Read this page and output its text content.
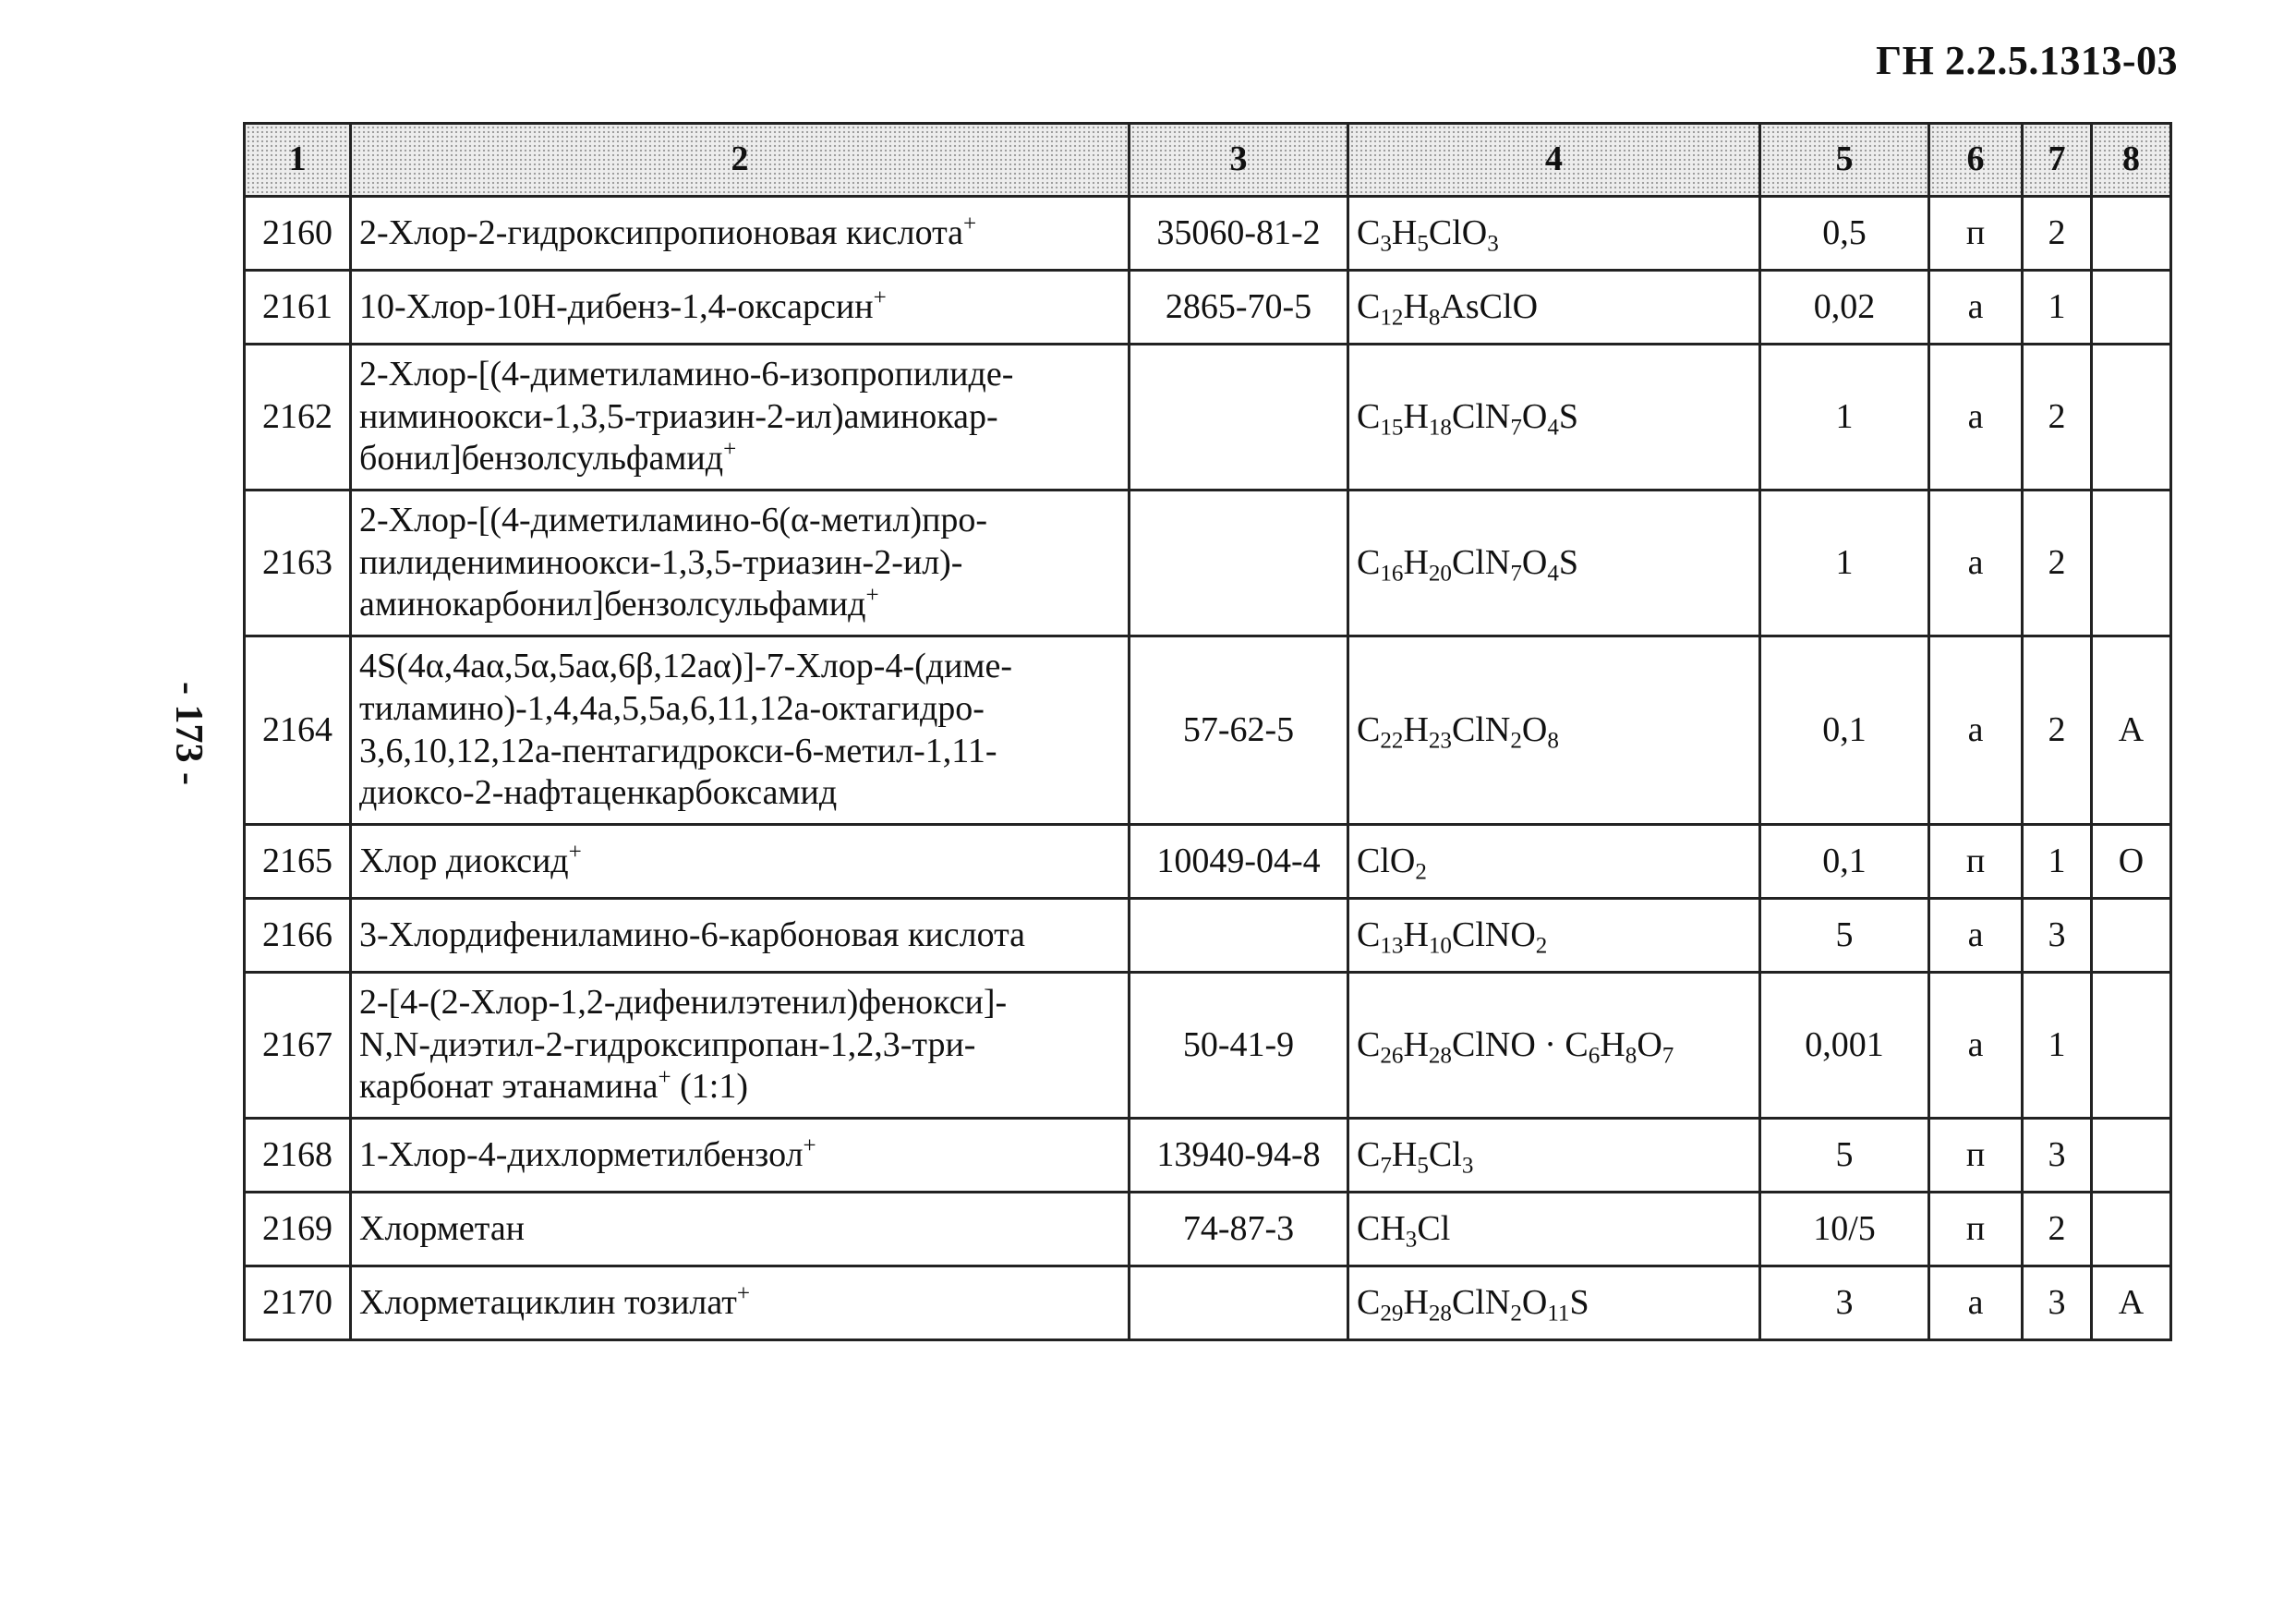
ГН 2.2.5.1313-03
- 173 -
1	2	3	4	5	6	7	8
2160	2-Хлор-2-гидроксипропионовая кислота+	35060-81-2	$C_3H_5ClO_3$	0,5	п	2	
2161	10-Хлор-10Н-дибенз-1,4-оксарсин+	2865-70-5	$C_{12}H_8AsClO$	0,02	а	1	
2162	2-Хлор-[(4-диметиламино-6-изопропилиде-
ниминоокси-1,3,5-триазин-2-ил)аминокар-
бонил]бензолсульфамид+		$C_{15}H_{18}ClN_7O_4S$	1	а	2	
2163	2-Хлор-[(4-диметиламино-6(α-метил)про-
пилидениминоокси-1,3,5-триазин-2-ил)-
аминокарбонил]бензолсульфамид+		$C_{16}H_{20}ClN_7O_4S$	1	а	2	
2164	4S(4α,4aα,5α,5aα,6β,12aα)]-7-Хлор-4-(диме-
тиламино)-1,4,4а,5,5а,6,11,12а-октагидро-
3,6,10,12,12а-пентагидрокси-6-метил-1,11-
диоксо-2-нафтаценкарбоксамид	57-62-5	$C_{22}H_{23}ClN_2O_8$	0,1	а	2	А
2165	Хлор диоксид+	10049-04-4	ClO$_2$	0,1	п	1	О
2166	3-Хлордифениламино-6-карбоновая кислота		$C_{13}H_{10}ClNO_2$	5	а	3	
2167	2-[4-(2-Хлор-1,2-дифенилэтенил)фенокси]-
N,N-диэтил-2-гидроксипропан-1,2,3-три-
карбонат этанамина+ (1:1)	50-41-9	$C_{26}H_{28}ClNO \cdot C_6H_8O_7$	0,001	а	1	
2168	1-Хлор-4-дихлорметилбензол+	13940-94-8	$C_7H_5Cl_3$	5	п	3	
2169	Хлорметан	74-87-3	$CH_3Cl$	10/5	п	2	
2170	Хлорметациклин тозилат+		$C_{29}H_{28}ClN_2O_{11}S$	3	а	3	А
